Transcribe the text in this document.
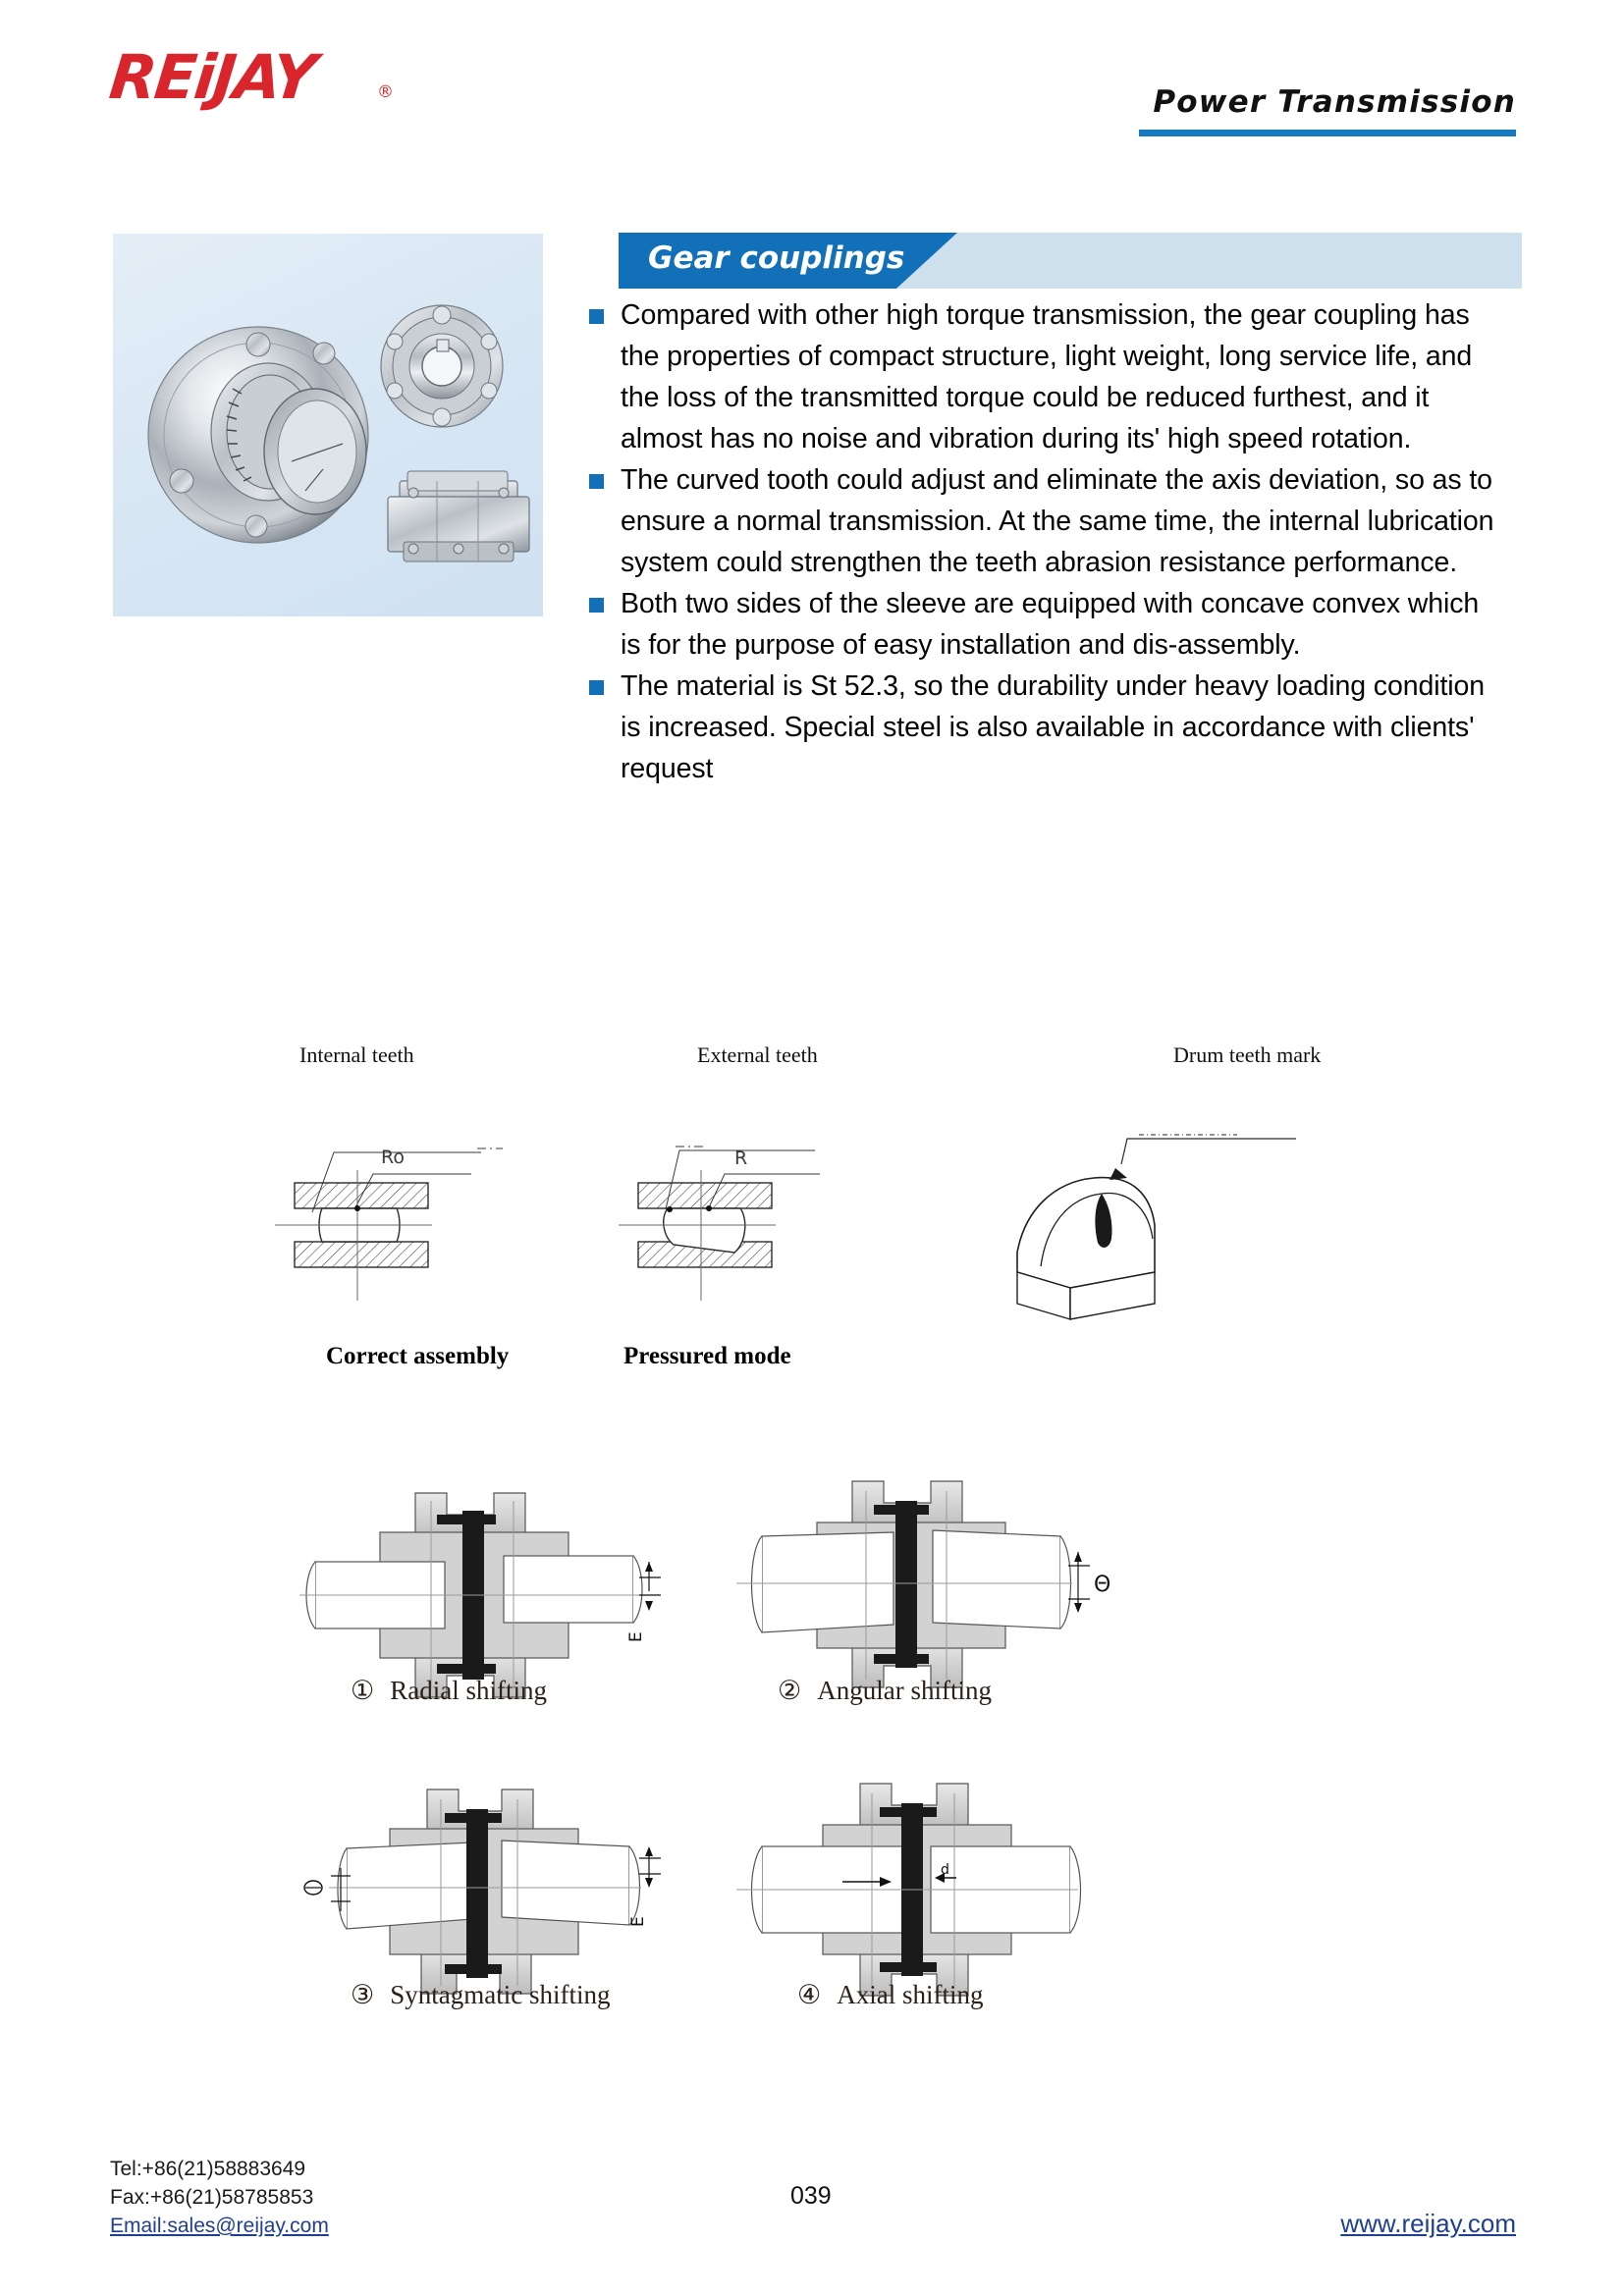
REiJAY	®	Power Transmission
Gear couplings
Compared with other high torque transmission, the gear coupling has the properties of compact structure, light weight, long service life, and the loss of the transmitted torque could be reduced furthest, and it almost has no noise and vibration during its' high speed rotation.
The curved tooth could adjust and eliminate the axis deviation, so as to ensure a normal transmission. At the same time, the internal lubrication system could strengthen the teeth abrasion resistance performance.
Both two sides of the sleeve are equipped with concave convex which is for the purpose of easy installation and dis-assembly.
The material is St 52.3, so the durability under heavy loading condition is increased. Special steel is also available in accordance with clients' request
Internal teeth	External teeth	Drum teeth mark
Ro
Correct assembly
R
Pressured mode
E
① Radial shifting
Θ
② Angular shifting
E
③ Syntagmatic shifting
d
④ Axial shifting
Tel:+86(21)58883649
Fax:+86(21)58785853
Email:sales@reijay.com
039
www.reijay.com
